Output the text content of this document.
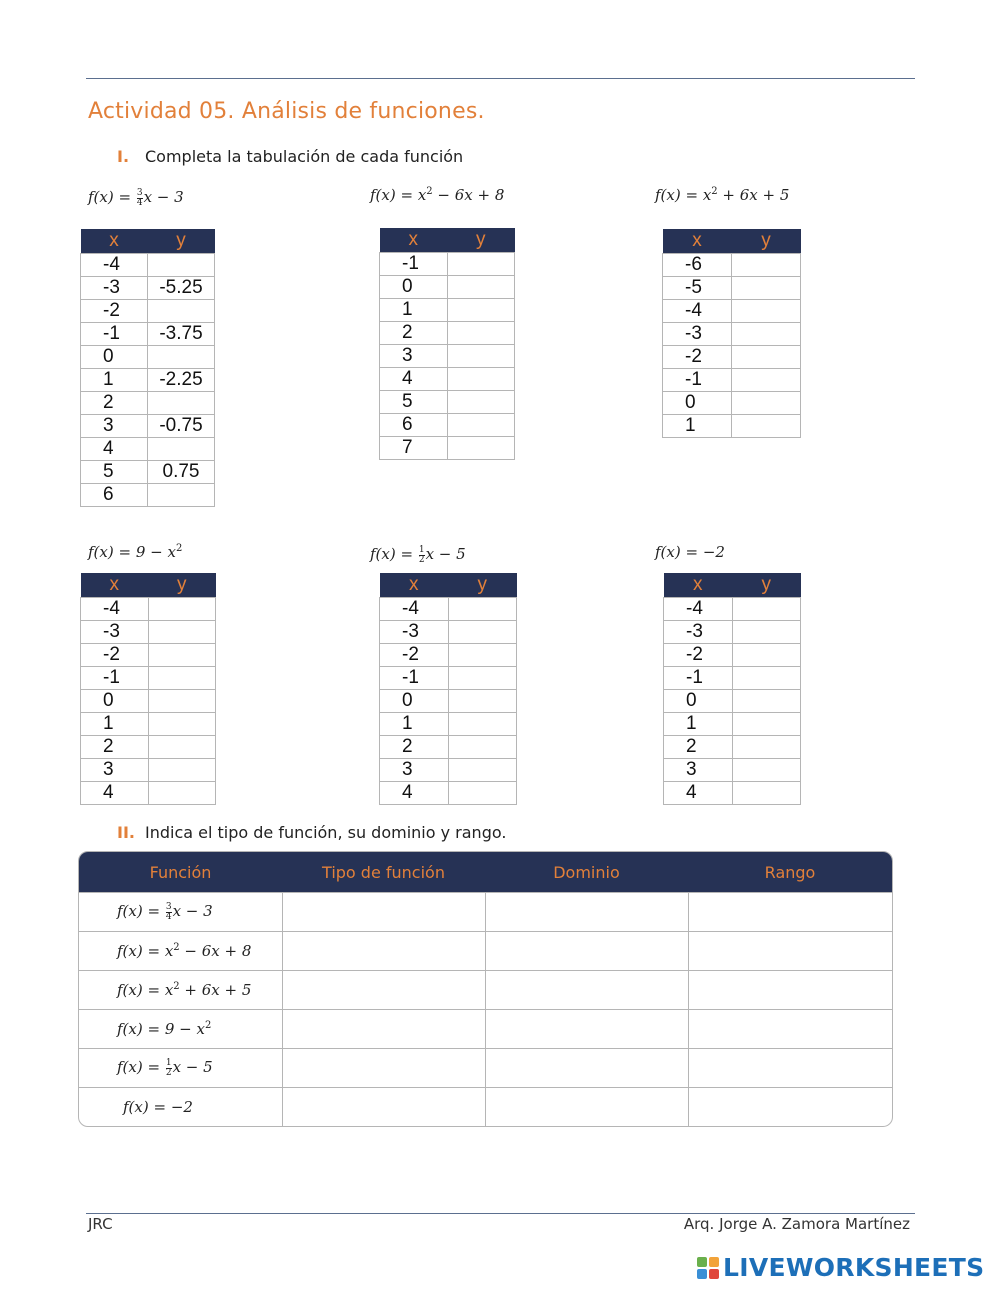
Actividad 05. Análisis de funciones.
I. Completa la tabulación de cada función
$f(x) = \frac{3}{4}$ x − 3	$f(x) = x^2 - 6x + 8$	$f(x) = x^2 + 6x + 5$
$f(x) = 9 - x^2$	$f(x) = \frac{1}{2}$ x − 5	f(x) = −2
x	y
-4	
-3	-5.25
-2	
-1	-3.75
0	
1	-2.25
2	
3	-0.75
4	
5	0.75
6	
x	y
-1	
0	
1	
2	
3	
4	
5	
6	
7	
x	y
-6	
-5	
-4	
-3	
-2	
-1	
0	
1	
x	y
-4	
-3	
-2	
-1	
0	
1	
2	
3	
4	
x	y
-4	
-3	
-2	
-1	
0	
1	
2	
3	
4	
x	y
-4	
-3	
-2	
-1	
0	
1	
2	
3	
4	
II. Indica el tipo de función, su dominio y rango.
Función	Tipo de función	Dominio	Rango
$f(x) = \frac{3}{4}$ x − 3			
$f(x) = x^2 - 6x + 8$			
$f(x) = x^2 + 6x + 5$			
$f(x) = 9 - x^2$			
$f(x) = \frac{1}{2}$ x − 5			
f(x) = −2			
JRC	Arq. Jorge A. Zamora Martínez
LIVEWORKSHEETS
